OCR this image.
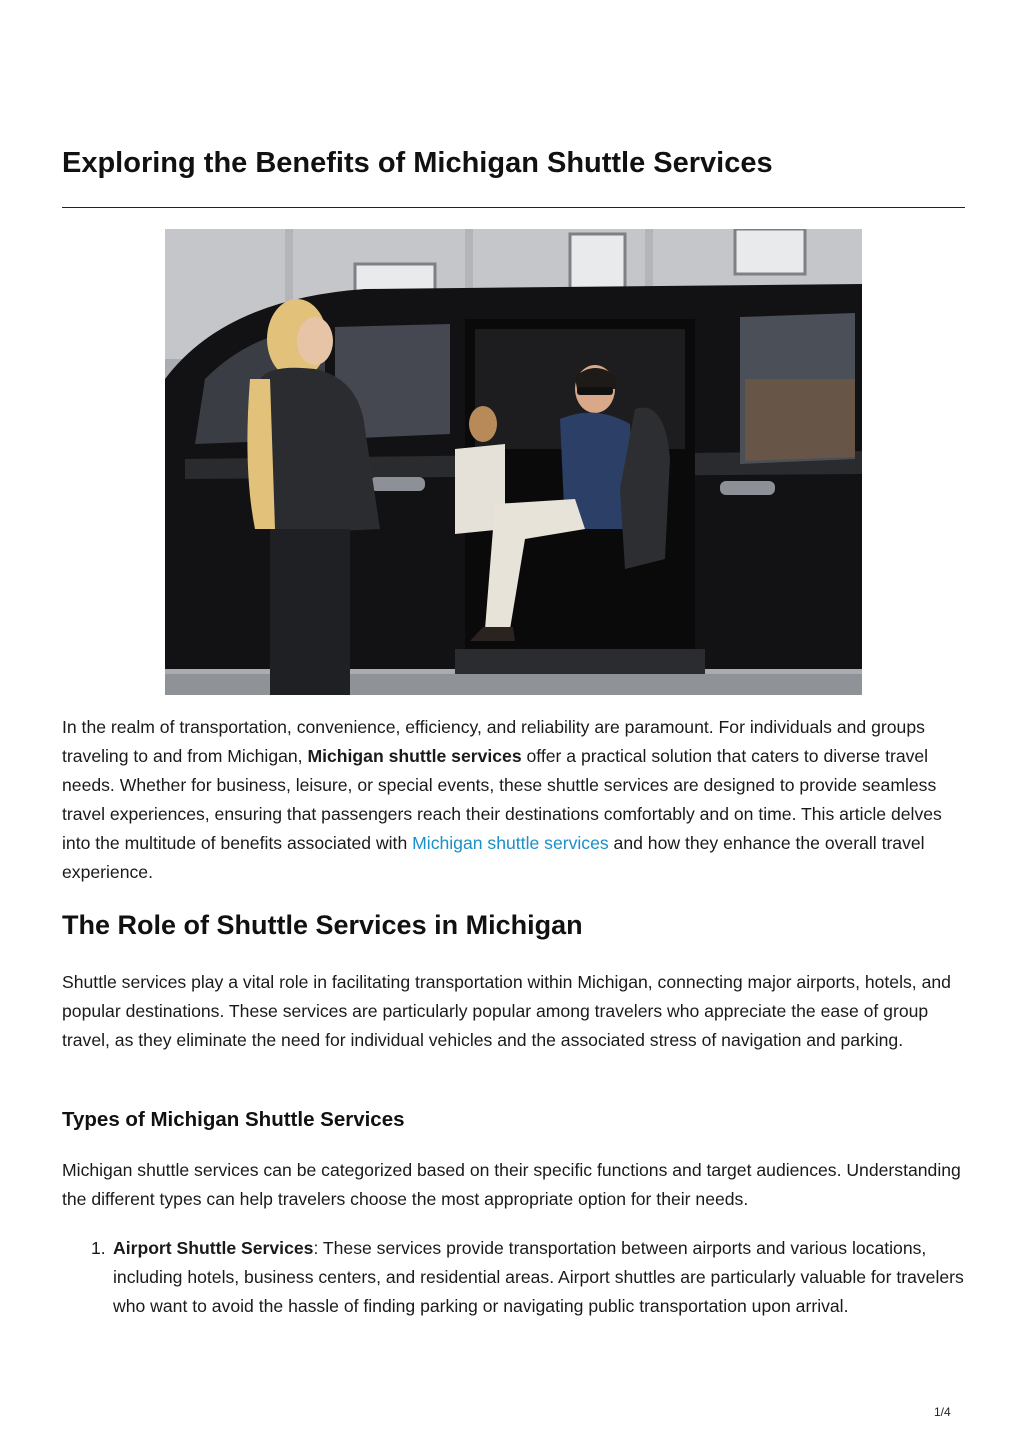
Exploring the Benefits of Michigan Shuttle Services

In the realm of transportation, convenience, efficiency, and reliability are paramount. For individuals and groups traveling to and from Michigan, Michigan shuttle services offer a practical solution that caters to diverse travel needs. Whether for business, leisure, or special events, these shuttle services are designed to provide seamless travel experiences, ensuring that passengers reach their destinations comfortably and on time. This article delves into the multitude of benefits associated with Michigan shuttle services and how they enhance the overall travel experience.

The Role of Shuttle Services in Michigan

Shuttle services play a vital role in facilitating transportation within Michigan, connecting major airports, hotels, and popular destinations. These services are particularly popular among travelers who appreciate the ease of group travel, as they eliminate the need for individual vehicles and the associated stress of navigation and parking.

Types of Michigan Shuttle Services

Michigan shuttle services can be categorized based on their specific functions and target audiences. Understanding the different types can help travelers choose the most appropriate option for their needs.

1. Airport Shuttle Services: These services provide transportation between airports and various locations, including hotels, business centers, and residential areas. Airport shuttles are particularly valuable for travelers who want to avoid the hassle of finding parking or navigating public transportation upon arrival.
1/4
